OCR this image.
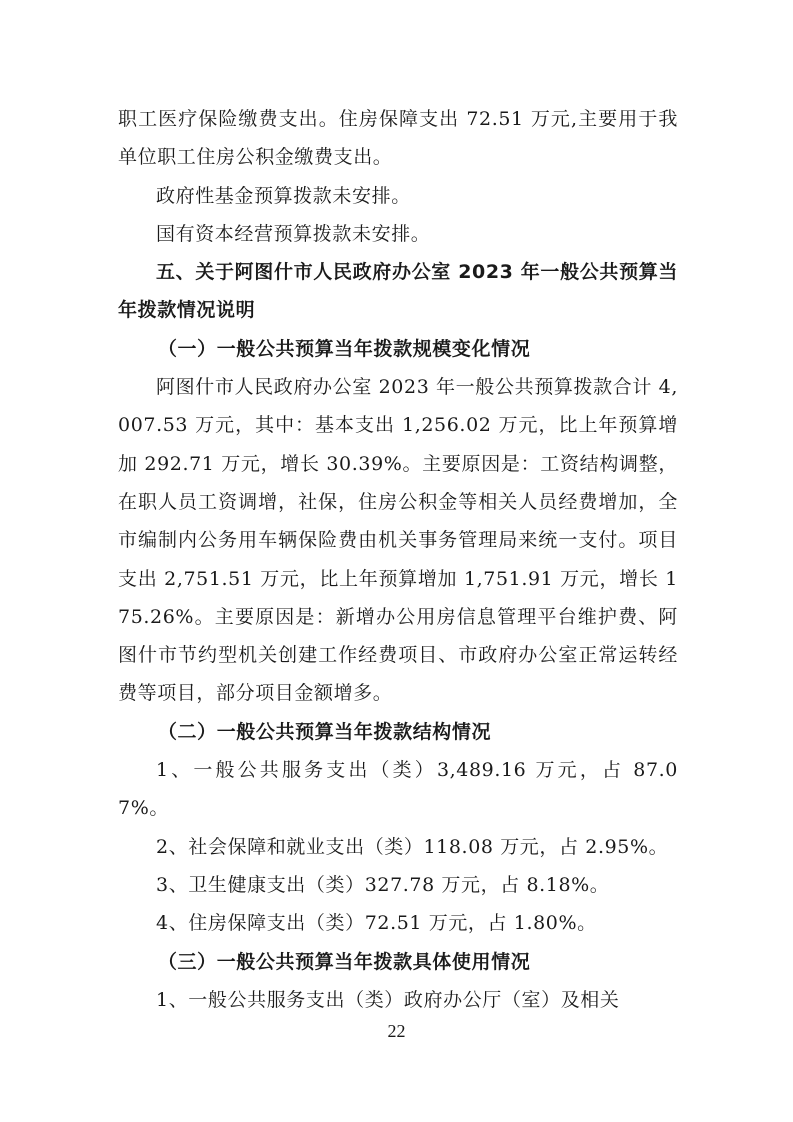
职工医疗保险缴费支出。住房保障支出 72.51 万元,主要用于我单位职工住房公积金缴费支出。

政府性基金预算拨款未安排。

国有资本经营预算拨款未安排。

五、关于阿图什市人民政府办公室 2023 年一般公共预算当年拨款情况说明

（一）一般公共预算当年拨款规模变化情况

阿图什市人民政府办公室 2023 年一般公共预算拨款合计 4,007.53 万元，其中：基本支出 1,256.02 万元，比上年预算增加 292.71 万元，增长 30.39%。主要原因是：工资结构调整，在职人员工资调增，社保，住房公积金等相关人员经费增加，全市编制内公务用车辆保险费由机关事务管理局来统一支付。项目支出 2,751.51 万元，比上年预算增加 1,751.91 万元，增长 175.26%。主要原因是：新增办公用房信息管理平台维护费、阿图什市节约型机关创建工作经费项目、市政府办公室正常运转经费等项目，部分项目金额增多。

（二）一般公共预算当年拨款结构情况

1、一般公共服务支出（类）3,489.16 万元，占 87.07%。

2、社会保障和就业支出（类）118.08 万元，占 2.95%。

3、卫生健康支出（类）327.78 万元，占 8.18%。

4、住房保障支出（类）72.51 万元，占 1.80%。

（三）一般公共预算当年拨款具体使用情况

1、一般公共服务支出（类）政府办公厅（室）及相关

22
